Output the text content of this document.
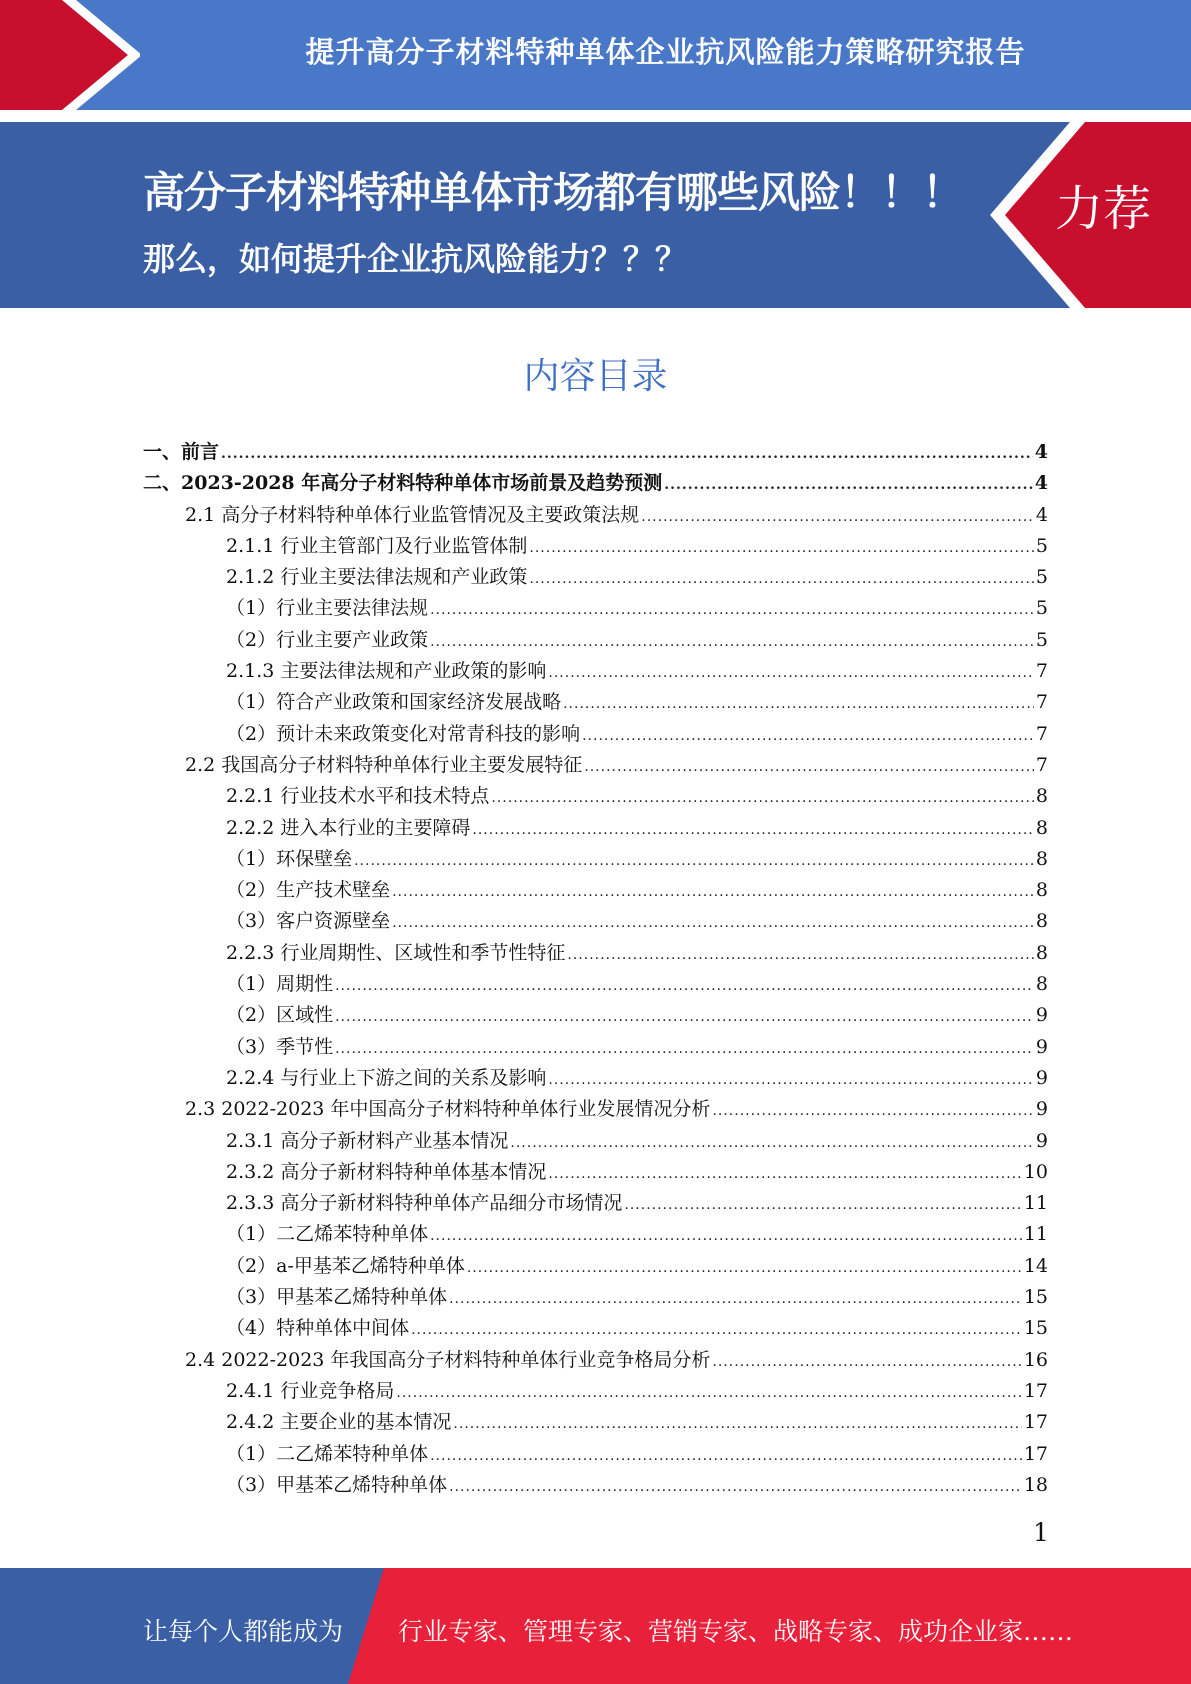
提升高分子材料特种单体企业抗风险能力策略研究报告
高分子材料特种单体市场都有哪些风险！！！
那么，如何提升企业抗风险能力？？？
力荐
内容目录
一、前言 .....	4
二、2023-2028 年高分子材料特种单体市场前景及趋势预测 .....	4
2.1 高分子材料特种单体行业监管情况及主要政策法规 .....	4
2.1.1 行业主管部门及行业监管体制 .....	5
2.1.2 行业主要法律法规和产业政策 .....	5
（1）行业主要法律法规 .....	5
（2）行业主要产业政策 .....	5
2.1.3 主要法律法规和产业政策的影响 .....	7
（1）符合产业政策和国家经济发展战略 .....	7
（2）预计未来政策变化对常青科技的影响 .....	7
2.2 我国高分子材料特种单体行业主要发展特征 .....	7
2.2.1 行业技术水平和技术特点 .....	8
2.2.2 进入本行业的主要障碍 .....	8
（1）环保壁垒 .....	8
（2）生产技术壁垒 .....	8
（3）客户资源壁垒 .....	8
2.2.3 行业周期性、区域性和季节性特征 .....	8
（1）周期性 .....	8
（2）区域性 .....	9
（3）季节性 .....	9
2.2.4 与行业上下游之间的关系及影响 .....	9
2.3 2022-2023 年中国高分子材料特种单体行业发展情况分析 .....	9
2.3.1 高分子新材料产业基本情况 .....	9
2.3.2 高分子新材料特种单体基本情况 .....	10
2.3.3 高分子新材料特种单体产品细分市场情况 .....	11
（1）二乙烯苯特种单体 .....	11
（2）a-甲基苯乙烯特种单体 .....	14
（3）甲基苯乙烯特种单体 .....	15
（4）特种单体中间体 .....	15
2.4 2022-2023 年我国高分子材料特种单体行业竞争格局分析 .....	16
2.4.1 行业竞争格局 .....	17
2.4.2 主要企业的基本情况 .....	17
（1）二乙烯苯特种单体 .....	17
（3）甲基苯乙烯特种单体 .....	18
1
让每个人都能成为 行业专家、管理专家、营销专家、战略专家、成功企业家……
